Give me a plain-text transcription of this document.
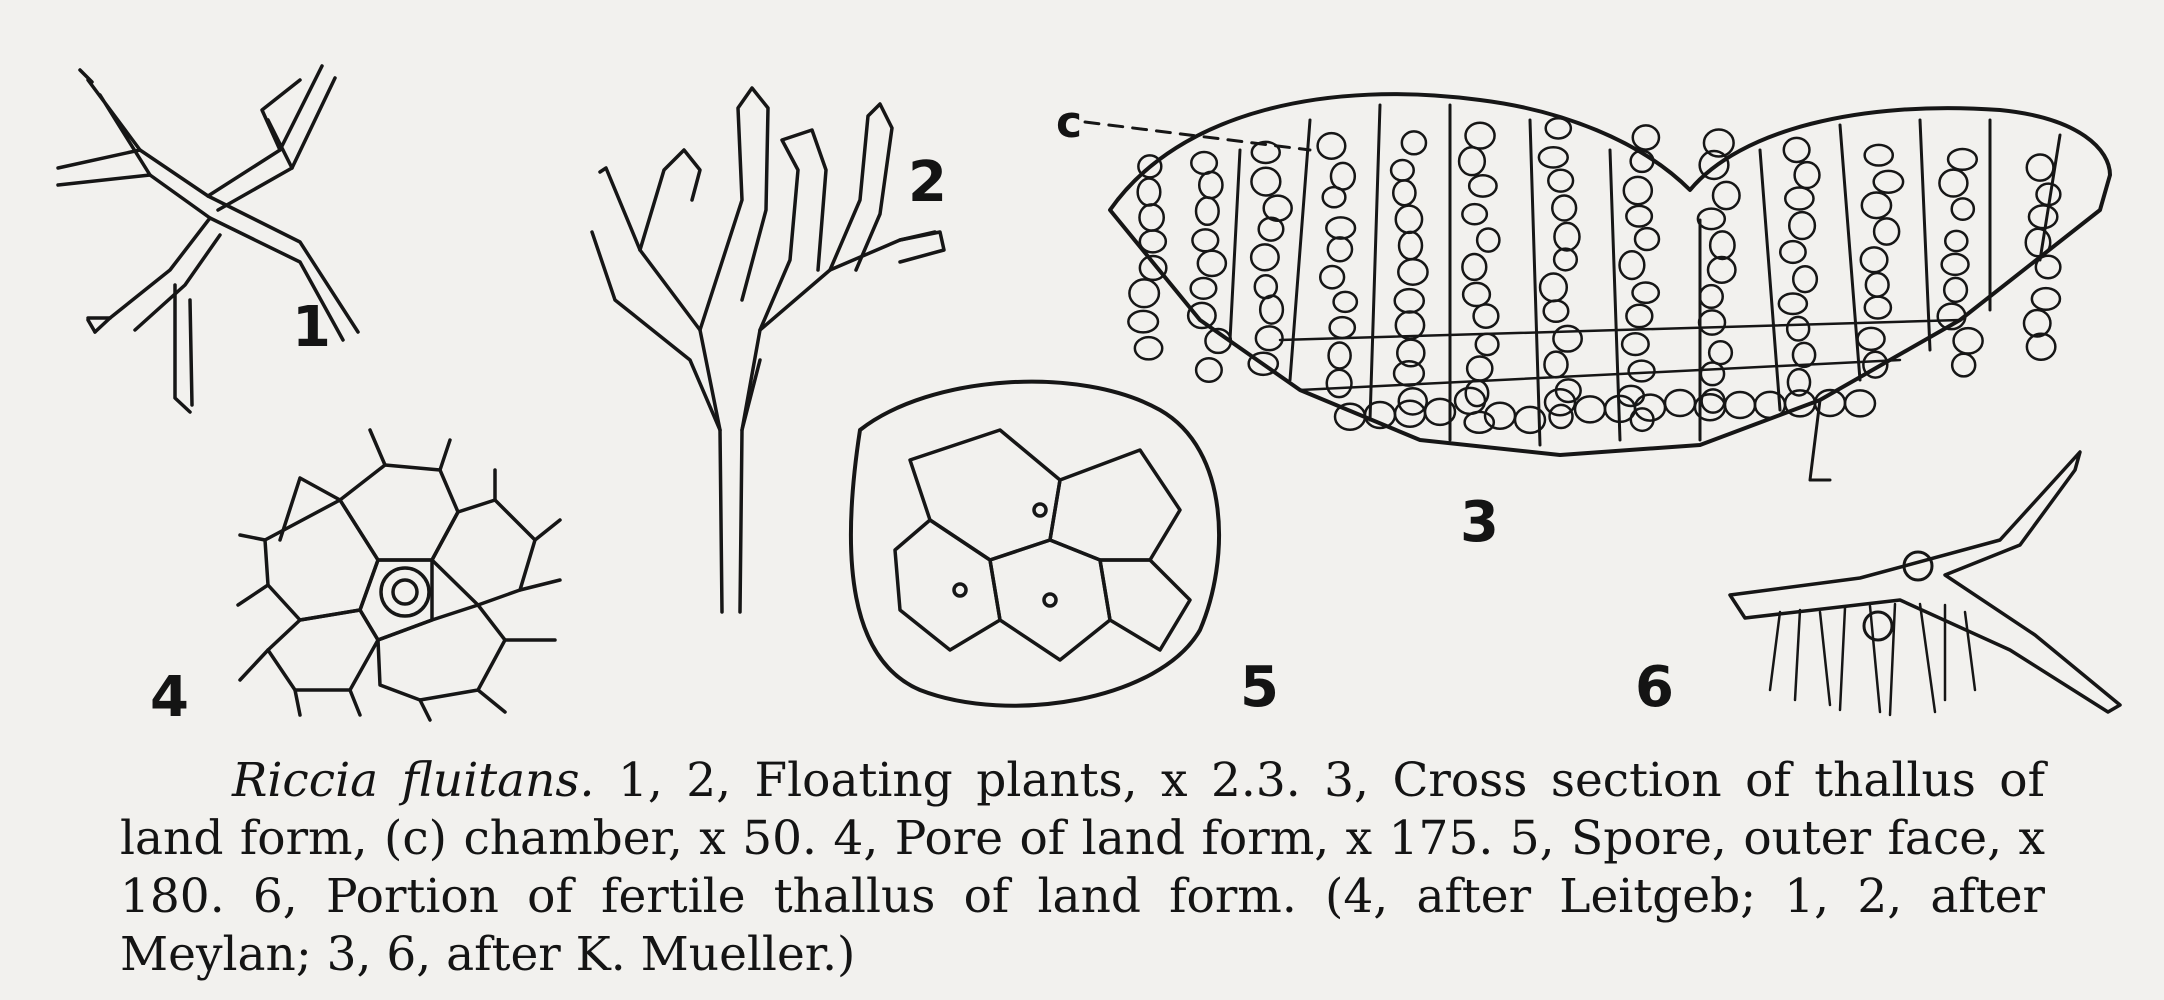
1
2
3
c
4	5	6
Riccia fluitans. 1, 2, Floating plants, x 2.3. 3, Cross section of thallus of land form, (c) chamber, x 50. 4, Pore of land form, x 175. 5, Spore, outer face, x 180. 6, Portion of fertile thallus of land form. (4, after Leitgeb; 1, 2, after Meylan; 3, 6, after K. Mueller.)
